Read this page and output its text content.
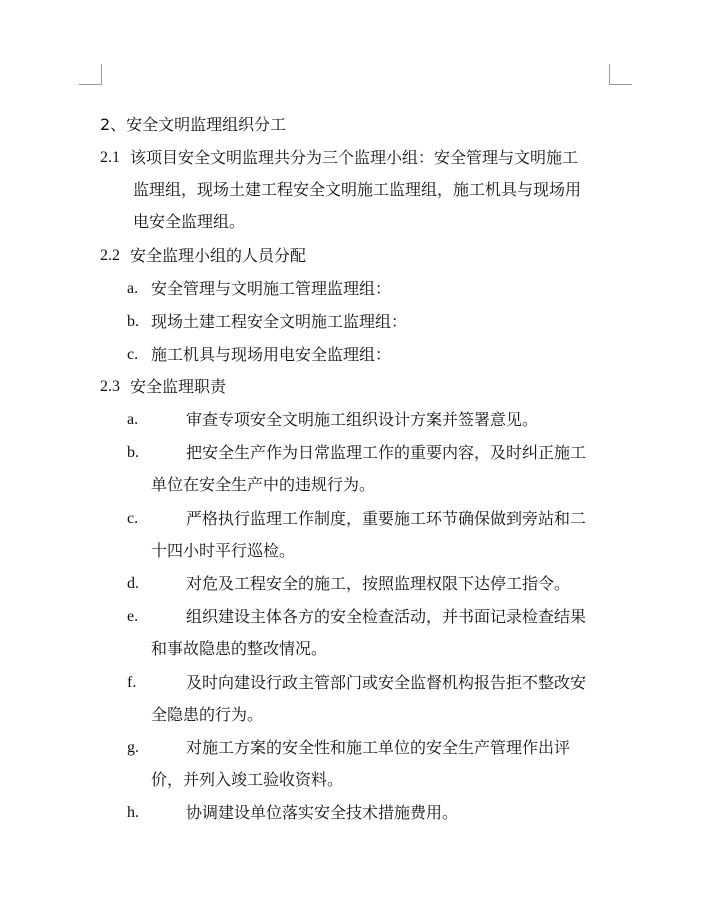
2、安全文明监理组织分工
2.1 该项目安全文明监理共分为三个监理小组：安全管理与文明施工
监理组，现场土建工程安全文明施工监理组，施工机具与现场用
电安全监理组。
2.2 安全监理小组的人员分配
a. 安全管理与文明施工管理监理组：
b. 现场土建工程安全文明施工监理组：
c. 施工机具与现场用电安全监理组：
2.3 安全监理职责
a.	审查专项安全文明施工组织设计方案并签署意见。
b.	把安全生产作为日常监理工作的重要内容，及时纠正施工
单位在安全生产中的违规行为。
c.	严格执行监理工作制度，重要施工环节确保做到旁站和二
十四小时平行巡检。
d.	对危及工程安全的施工，按照监理权限下达停工指令。
e.	组织建设主体各方的安全检查活动，并书面记录检查结果
和事故隐患的整改情况。
f.	及时向建设行政主管部门或安全监督机构报告拒不整改安
全隐患的行为。
g.	对施工方案的安全性和施工单位的安全生产管理作出评
价，并列入竣工验收资料。
h.	协调建设单位落实安全技术措施费用。
